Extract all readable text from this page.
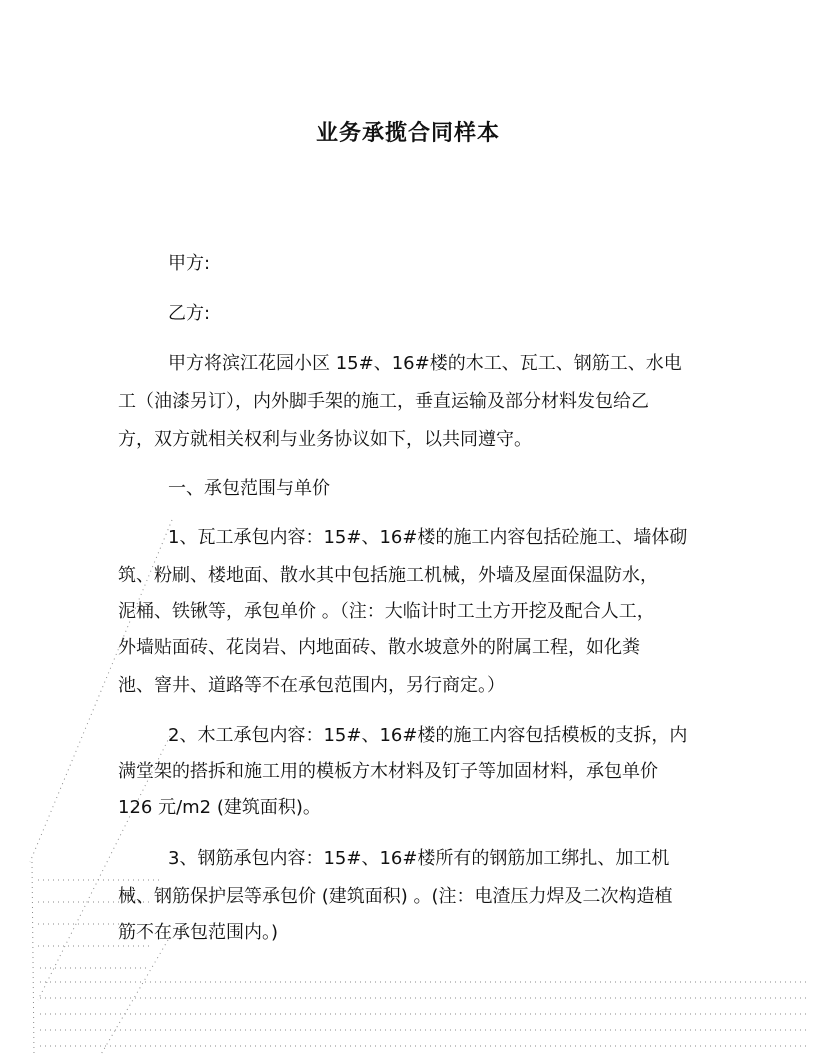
业务承揽合同样本
甲方:
乙方:
甲方将滨江花园小区 15#、16#楼的木工、瓦工、钢筋工、水电
工（油漆另订），内外脚手架的施工，垂直运输及部分材料发包给乙
方，双方就相关权利与业务协议如下，以共同遵守。
一、承包范围与单价
1、瓦工承包内容：15#、16#楼的施工内容包括砼施工、墙体砌
筑、粉刷、楼地面、散水其中包括施工机械，外墙及屋面保温防水，
泥桶、铁锹等，承包单价 。（注：大临计时工土方开挖及配合人工，
外墙贴面砖、花岗岩、内地面砖、散水坡意外的附属工程，如化粪
池、窨井、道路等不在承包范围内，另行商定。）
2、木工承包内容：15#、16#楼的施工内容包括模板的支拆，内
满堂架的搭拆和施工用的模板方木材料及钉子等加固材料，承包单价
126 元/m2 (建筑面积)。
3、钢筋承包内容：15#、16#楼所有的钢筋加工绑扎、加工机
械、钢筋保护层等承包价 (建筑面积) 。(注：电渣压力焊及二次构造植
筋不在承包范围内。)
